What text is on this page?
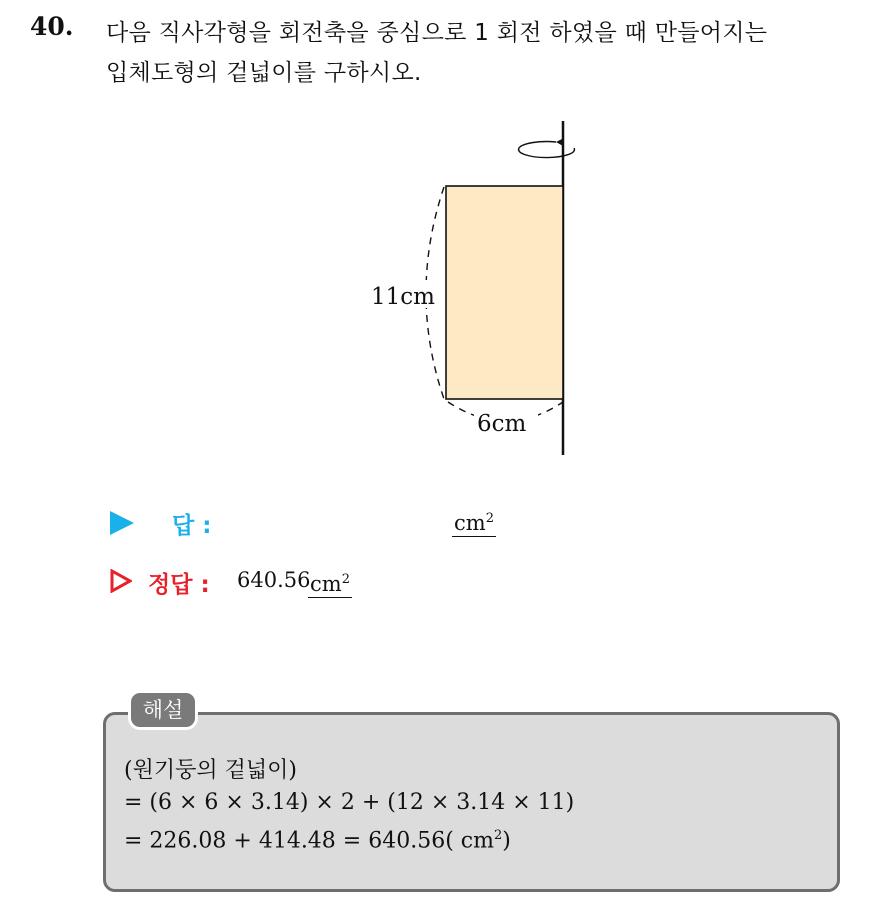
40. 다음 직사각형을 회전축을 중심으로 1 회전 하였을 때 만들어지는
입체도형의 겉넓이를 구하시오.
11cm
6cm
답 :	$cm^2$
정답 : 640.56 $cm^2$
해설
(원기둥의 겉넓이)
= (6 × 6 × 3.14) × 2 + (12 × 3.14 × 11)
= 226.08 + 414.48 = 640.56( $cm^2$)
